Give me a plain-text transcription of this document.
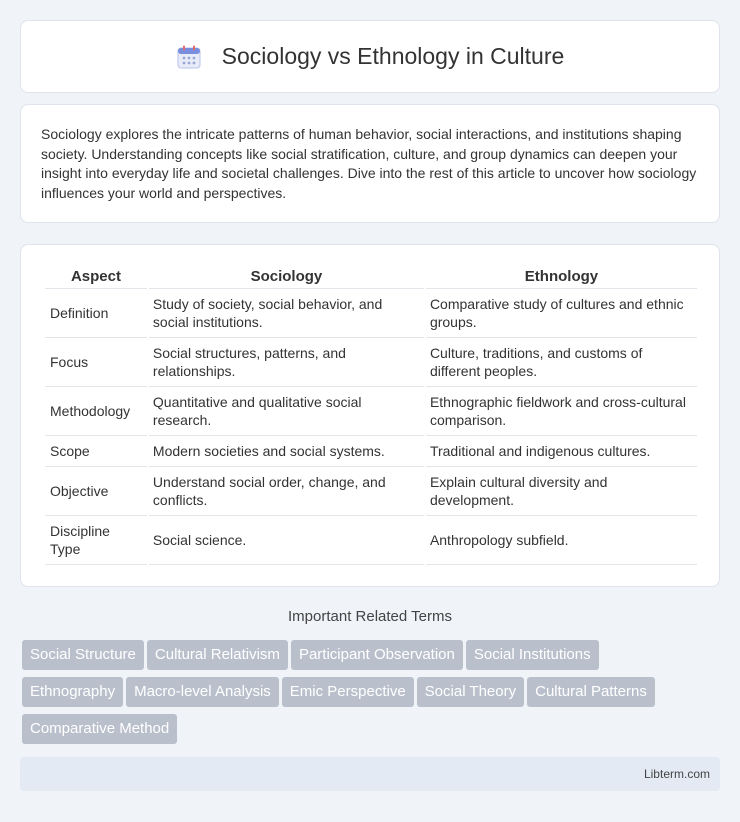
Sociology vs Ethnology in Culture

Sociology explores the intricate patterns of human behavior, social interactions, and institutions shaping society. Understanding concepts like social stratification, culture, and group dynamics can deepen your insight into everyday life and societal challenges. Dive into the rest of this article to uncover how sociology influences your world and perspectives.

Aspect	Sociology	Ethnology
Definition	Study of society, social behavior, and social institutions.	Comparative study of cultures and ethnic groups.
Focus	Social structures, patterns, and relationships.	Culture, traditions, and customs of different peoples.
Methodology	Quantitative and qualitative social research.	Ethnographic fieldwork and cross-cultural comparison.
Scope	Modern societies and social systems.	Traditional and indigenous cultures.
Objective	Understand social order, change, and conflicts.	Explain cultural diversity and development.
Discipline Type	Social science.	Anthropology subfield.
Important Related Terms
Social Structure Cultural Relativism Participant Observation Social Institutions
Ethnography Macro-level Analysis Emic Perspective Social Theory Cultural Patterns
Comparative Method
Libterm.com
